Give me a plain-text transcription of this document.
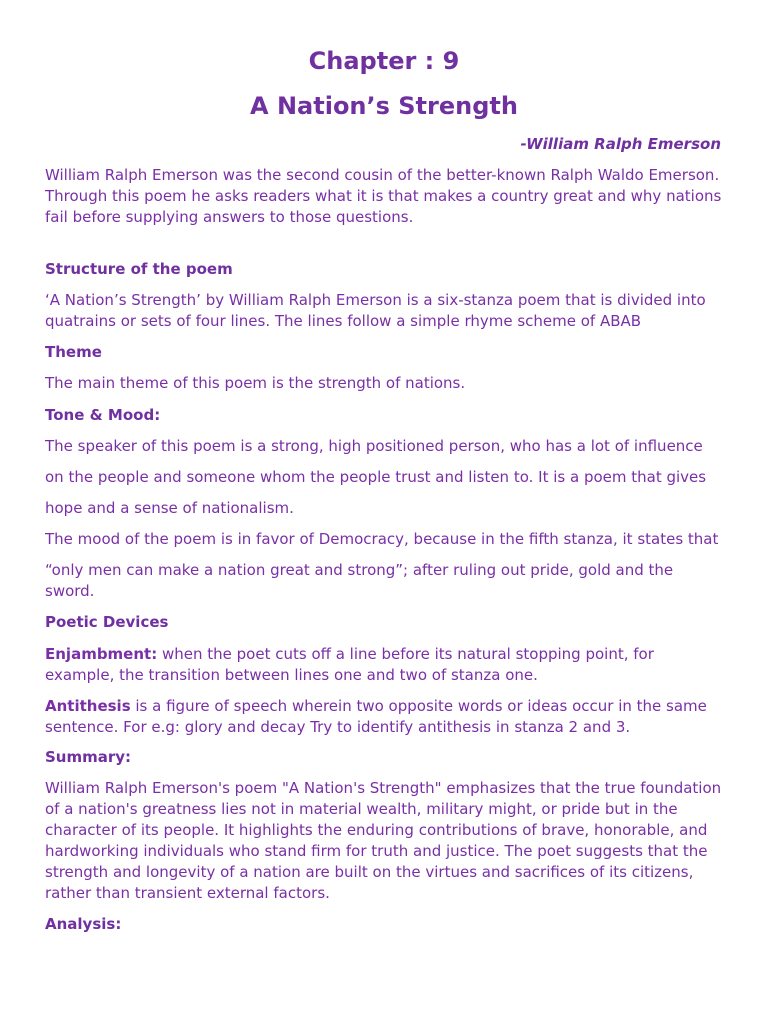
Chapter : 9
A Nation’s Strength
-William Ralph Emerson

William Ralph Emerson was the second cousin of the better-known Ralph Waldo Emerson. Through this poem he asks readers what it is that makes a country great and why nations fail before supplying answers to those questions.

Structure of the poem

‘A Nation’s Strength’ by William Ralph Emerson is a six-stanza poem that is divided into quatrains or sets of four lines. The lines follow a simple rhyme scheme of ABAB

Theme

The main theme of this poem is the strength of nations.

Tone & Mood:

The speaker of this poem is a strong, high positioned person, who has a lot of influence on the people and someone whom the people trust and listen to. It is a poem that gives hope and a sense of nationalism.

The mood of the poem is in favor of Democracy, because in the fifth stanza, it states that

“only men can make a nation great and strong”; after ruling out pride, gold and the sword.

Poetic Devices

Enjambment: when the poet cuts off a line before its natural stopping point, for example, the transition between lines one and two of stanza one.

Antithesis is a figure of speech wherein two opposite words or ideas occur in the same sentence. For e.g: glory and decay Try to identify antithesis in stanza 2 and 3.

Summary:

William Ralph Emerson's poem "A Nation's Strength" emphasizes that the true foundation of a nation's greatness lies not in material wealth, military might, or pride but in the character of its people. It highlights the enduring contributions of brave, honorable, and hardworking individuals who stand firm for truth and justice. The poet suggests that the strength and longevity of a nation are built on the virtues and sacrifices of its citizens, rather than transient external factors.

Analysis:
